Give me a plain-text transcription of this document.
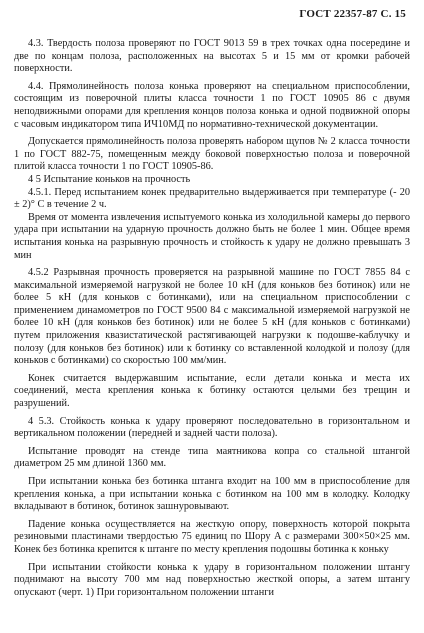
ГОСТ 22357-87 С. 15

4.3. Твердость полоза проверяют по ГОСТ 9013 59 в трех точках одна посередине и две по концам полоза, расположенных на высотах 5 и 15 мм от кромки рабочей поверхности.

4.4. Прямолинейность полоза конька проверяют на специальном приспособлении, состоящим из поверочной плиты класса точности 1 по ГОСТ 10905 86 с двумя неподвижными опорами для крепления концов полоза конька и одной подвижной опоры с часовым индикатором типа ИЧ10МД по нормативно-технической документации.

Допускается прямолинейность полоза проверять набором щупов № 2 класса точности 1 по ГОСТ 882-75, помещенным между боковой поверхностью полоза и поверочной плитой класса точности 1 по ГОСТ 10905-86.

4 5 Испытание коньков на прочность

4.5.1. Перед испытанием конек предварительно выдерживается при температуре (- 20 ± 2)° С в течение 2 ч.

Время от момента извлечения испытуемого конька из холодильной камеры до первого удара при испытании на ударную прочность должно быть не более 1 мин. Общее время испытания конька на разрывную прочность и стойкость к удару не должно превышать 3 мин

4.5.2 Разрывная прочность проверяется на разрывной машине по ГОСТ 7855 84 с максимальной измеряемой нагрузкой не более 10 кН (для коньков без ботинок) или не более 5 кН (для коньков с ботинками), или на специальном приспособлении с применением динамометров по ГОСТ 9500 84 с максимальной измеряемой нагрузкой не более 10 кН (для коньков без ботинок) или не более 5 кН (для коньков с ботинками) путем приложения квазистатической растягивающей нагрузки к подошве-каблучку и полозу (для коньков без ботинок) или к ботинку со вставленной колодкой и полозу (для коньков с ботинками) со скоростью 100 мм/мин.

Конек считается выдержавшим испытание, если детали конька и места их соединений, места крепления конька к ботинку остаются целыми без трещин и разрушений.

4 5.3. Стойкость конька к удару проверяют последовательно в горизонтальном и вертикальном положении (передней и задней части полоза).

Испытание проводят на стенде типа маятникова копра со стальной штангой диаметром 25 мм длиной 1360 мм.

При испытании конька без ботинка штанга входит на 100 мм в приспособление для крепления конька, а при испытании конька с ботинком на 100 мм в колодку. Колодку вкладывают в ботинок, ботинок зашнуровывают.

Падение конька осуществляется на жесткую опору, поверхность которой покрыта резиновыми пластинами твердостью 75 единиц по Шору А с размерами 300×50×25 мм. Конек без ботинка крепится к штанге по месту крепления подошвы ботинка к коньку

При испытании стойкости конька к удару в горизонтальном положении штангу поднимают на высоту 700 мм над поверхностью жесткой опоры, а затем штангу опускают (черт. 1) При горизонтальном положении штанги
